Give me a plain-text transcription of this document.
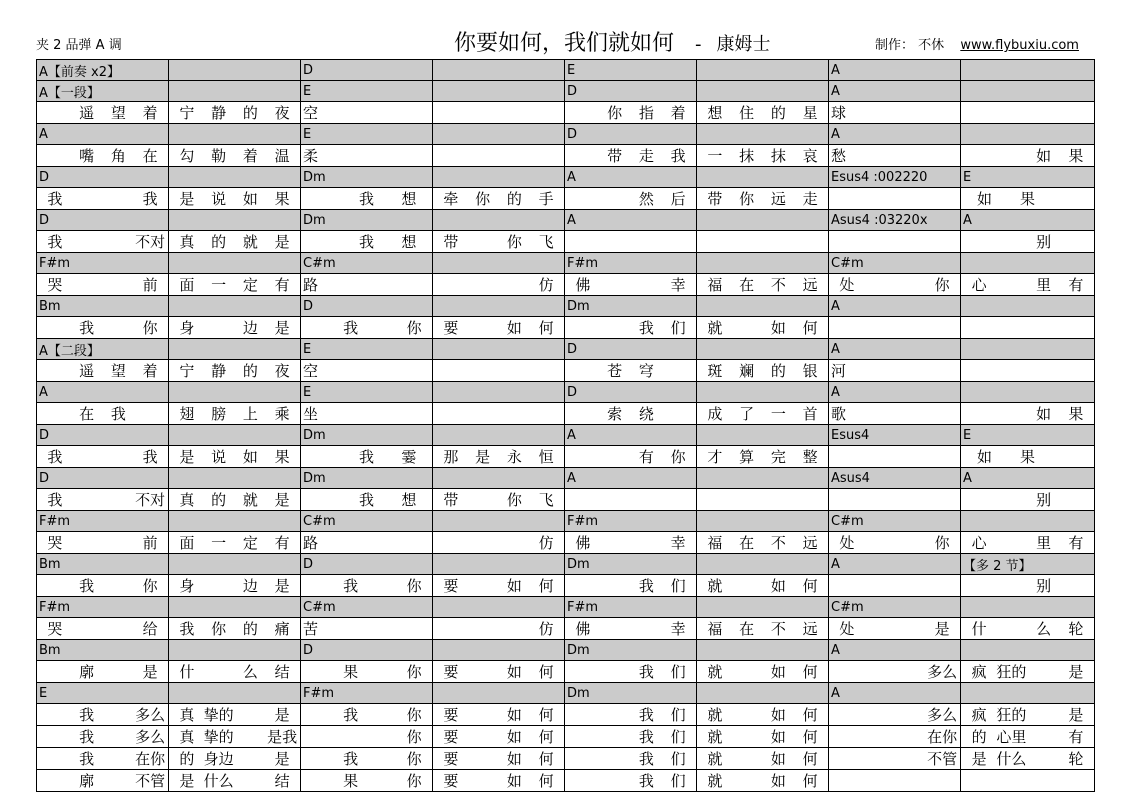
夹 2 品弹 A 调	你要如何，我们就如何 - 康姆士	制作： 不休 www.flybuxiu.com
A【前奏 x2】		D		E		A	
A【一段】		E		D		A	

遥 望 着	宁 静 的 夜	空		你 指 着	想 住 的 星	球	
A		E		D		A	

嘴 角 在	勾 勒 着 温	柔		带 走 我	一 抹 抹 哀	愁	如 果

D		Dm		A		Esus4 :002220	E

我 我	是 说 如 果	我 想	牵 你 的 手	然 后	带 你 远 走		如 果

D		Dm		A		Asus4 :03220x	A

我 不对	真 的 就 是	我 想	带 你 飞				别

F#m		C#m		F#m		C#m	

哭 前	面 一 定 有	路	仿	佛 幸	福 在 不 远	处 你	心 里 有

Bm		D		Dm		A	

我 你	身 边 是	我 你	要 如 何	我 们	就 如 何		

A【二段】		E		D		A	

遥 望 着	宁 静 的 夜	空		苍 穹	斑 斓 的 银	河	
A		E		D		A	

在 我	翅 膀 上 乘	坐		索 绕	成 了 一 首	歌	如 果

D		Dm		A		Esus4	E

我 我	是 说 如 果	我 霎	那 是 永 恒	有 你	才 算 完 整		如 果

D		Dm		A		Asus4	A

我 不对	真 的 就 是	我 想	带 你 飞				别

F#m		C#m		F#m		C#m	

哭 前	面 一 定 有	路	仿	佛 幸	福 在 不 远	处 你	心 里 有

Bm		D		Dm		A	【多 2 节】

我 你	身 边 是	我 你	要 如 何	我 们	就 如 何		别

F#m		C#m		F#m		C#m	

哭 给	我 你 的 痛	苦	仿	佛 幸	福 在 不 远	处 是	什 么 轮

Bm		D		Dm		A	

廓 是	什 么 结	果 你	要 如 何	我 们	就 如 何	多么	疯 狂的 是

E		F#m		Dm		A	

我 多么	真 挚的 是	我 你	要 如 何	我 们	就 如 何	多么	疯 狂的 是

我 多么	真 挚的 是我	你	要 如 何	我 们	就 如 何	在你	的 心里 有

我 在你	的 身边 是	我 你	要 如 何	我 们	就 如 何	不管	是 什么 轮

廓 不管	是 什么 结	果 你	要 如 何	我 们	就 如 何		
